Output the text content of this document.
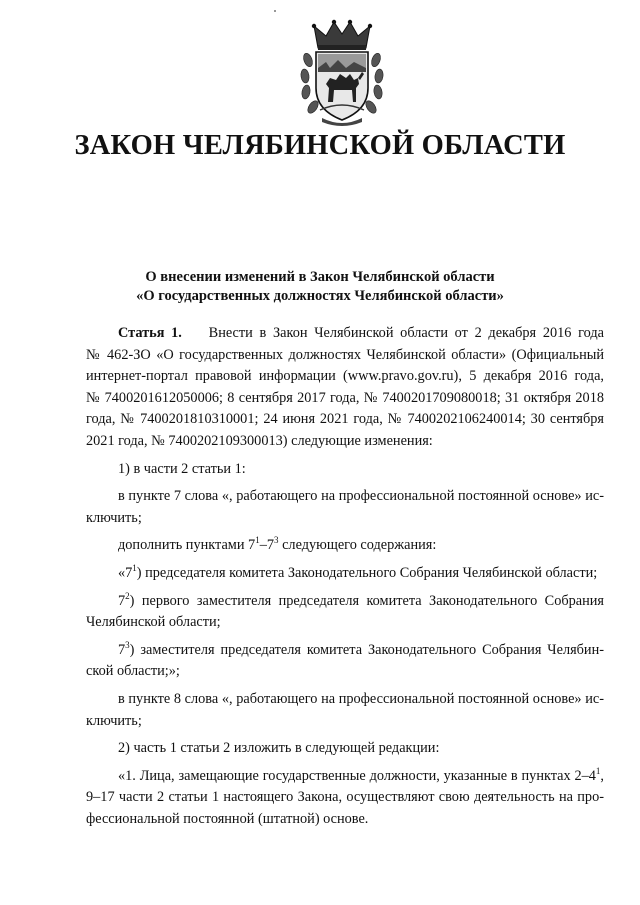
ЗАКОН ЧЕЛЯБИНСКОЙ ОБЛАСТИ
О внесении изменений в Закон Челябинской области
«О государственных должностях Челябинской области»
Статья 1. Внести в Закон Челябинской области от 2 декабря 2016 года
№ 462-ЗО «О государственных должностях Челябинской области» (Официальный
интернет-портал правовой информации (www.pravo.gov.ru), 5 декабря 2016 года,
№ 7400201612050006; 8 сентября 2017 года, № 7400201709080018; 31 октября 2018
года, № 7400201810310001; 24 июня 2021 года, № 7400202106240014; 30 сентября
2021 года, № 7400202109300013) следующие изменения:
1) в части 2 статьи 1:
в пункте 7 слова «, работающего на профессиональной постоянной основе» ис-
ключить;
дополнить пунктами $7^1-7^3$ следующего содержания:
«$7^1$) председателя комитета Законодательного Собрания Челябинской области;
$7^2$) первого заместителя председателя комитета Законодательного Собрания
Челябинской области;
$7^3$) заместителя председателя комитета Законодательного Собрания Челябин-
ской области;»;
в пункте 8 слова «, работающего на профессиональной постоянной основе» ис-
ключить;
2) часть 1 статьи 2 изложить в следующей редакции:
«1. Лица, замещающие государственные должности, указанные в пунктах $2-4^1$,
9–17 части 2 статьи 1 настоящего Закона, осуществляют свою деятельность на про-
фессиональной постоянной (штатной) основе.
